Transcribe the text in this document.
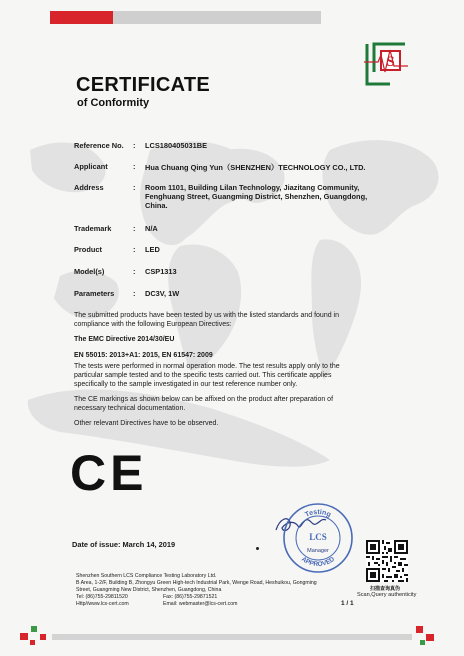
CERTIFICATE
of Conformity
S
Reference No. : LCS180405031BE
Applicant	: Hua Chuang Qing Yun（SHENZHEN）TECHNOLOGY CO., LTD.
Address	: Room 1101, Building Lilan Technology, Jiazitang Community,
Fenghuang Street, Guangming District, Shenzhen, Guangdong,
China.
Trademark	: N/A
Product	: LED
Model(s)	: CSP1313
Parameters	: DC3V, 1W
The submitted products have been tested by us with the listed standards and found in
compliance with the following European Directives:
The EMC Directive 2014/30/EU
EN 55015: 2013+A1: 2015, EN 61547: 2009
The tests were performed in normal operation mode. The test results apply only to the
particular sample tested and to the specific tests carried out. This certificate applies
specifically to the sample investigated in our test reference number only.
The CE markings as shown below can be affixed on the product after preparation of
necessary technical documentation.
Other relevant Directives have to be observed.
CE
Date of issue: March 14, 2019
Testing
APPROVED
LCS
Manager
扫描查询真伪
Scan,Query authenticity
1 / 1
Shenzhen Southern LCS Compliance Testing Laboratory Ltd.
B Area, 1-2/F, Building B, Zhongyu Green High-tech Industrial Park, Wenge Road, Heshuikou, Gongming
Street, Guangming New District, Shenzhen, Guangdong, China
Tel: (86)755-29811520	Fax: (86)755-29871521
Http//www.lcs-cert.com	Email: webmaster@lcs-cert.com
